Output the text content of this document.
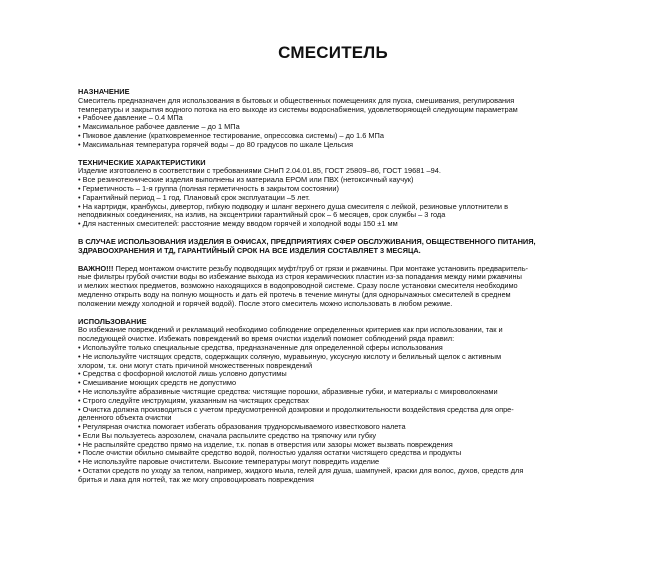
СМЕСИТЕЛЬ
НАЗНАЧЕНИЕ
Смеситель предназначен для использования в бытовых и общественных помещениях для пуска, смешивания, регулирования
температуры и закрытия водного потока на его выходе из системы водоснабжения, удовлетворяющей следующим параметрам
• Рабочее давление – 0.4 МПа
• Максимальное рабочее давление – до 1 МПа
• Пиковое давление (кратковременное тестирование, опрессовка системы) – до 1.6 МПа
• Максимальная температура горячей воды – до 80 градусов по шкале Цельсия
ТЕХНИЧЕСКИЕ ХАРАКТЕРИСТИКИ
Изделие изготовлено в соответствии с требованиями СНиП 2.04.01.85, ГОСТ 25809–86, ГОСТ 19681 –94.
• Все резинотехнические изделия выполнены из материала EPOM или ПВХ (нетоксичный каучук)
• Герметичность – 1-я группа (полная герметичность в закрытом состоянии)
• Гарантийный период – 1 год. Плановый срок эксплуатации –5 лет.
• На картридж, кранбуксы, дивертор, гибкую подводку и шланг верхнего душа смесителя с лейкой, резиновые уплотнители в
неподвижных соединениях, на излив, на эксцентрики гарантийный срок – 6 месяцев, срок службы – 3 года
• Для настенных смесителей: расстояние между вводом горячей и холодной воды 150 ±1 мм
В СЛУЧАЕ ИСПОЛЬЗОВАНИЯ ИЗДЕЛИЯ В ОФИСАХ, ПРЕДПРИЯТИЯХ СФЕР ОБСЛУЖИВАНИЯ, ОБЩЕСТВЕННОГО ПИТАНИЯ,
ЗДРАВООХРАНЕНИЯ И ТД, ГАРАНТИЙНЫЙ СРОК НА ВСЕ ИЗДЕЛИЯ СОСТАВЛЯЕТ 3 МЕСЯЦА.
ВАЖНО!!! Перед монтажом очистите резьбу подводящих муфт/труб от грязи и ржавчины. При монтаже установить предваритель-
ные фильтры грубой очистки воды во избежание выхода из строя керамических пластин из-за попадания между ними ржавчины
и мелких жестких предметов, возможно находящихся в водопроводной системе. Сразу после установки смесителя необходимо
медленно открыть воду на полную мощность и дать ей протечь в течение минуты (для однорычажных смесителей в среднем
положении между холодной и горячей водой). После этого смеситель можно использовать в любом режиме.
ИСПОЛЬЗОВАНИЕ
Во избежание повреждений и рекламаций необходимо соблюдение определенных критериев как при использовании, так и
последующей очистке. Избежать повреждений во время очистки изделий поможет соблюдений ряда правил:
• Используйте только специальные средства, предназначенные для определенной сферы использования
• Не используйте чистящих средств, содержащих соляную, муравьиную, уксусную кислоту и белильный щелок с активным
хлором, т.к. они могут стать причиной множественных повреждений
• Средства с фосфорной кислотой лишь условно допустимы
• Смешивание моющих средств не допустимо
• Не используйте абразивные чистящие средства: чистящие порошки, абразивные губки, и материалы с микроволокнами
• Строго следуйте инструкциям, указанным на чистящих средствах
• Очистка должна производиться с учетом предусмотренной дозировки и продолжительности воздействия средства для опре-
деленного объекта очистки
• Регулярная очистка помогает избегать образования труднорсмываемого известкового налета
• Если Вы пользуетесь аэрозолем, сначала распылите средство на тряпочку или губку
• Не распыляйте средство прямо на изделие, т.к. попав в отверстия или зазоры может вызвать повреждения
• После очистки обильно смывайте средство водой, полностью удаляя остатки чистящего средства и продукты
• Не используйте паровые очистители. Высокие температуры могут повредить изделие
• Остатки средств по уходу за телом, например, жидкого мыла, гелей для душа, шампуней, краски для волос, духов, средств для
бритья и лака для ногтей, так же могу спровоцировать повреждения
